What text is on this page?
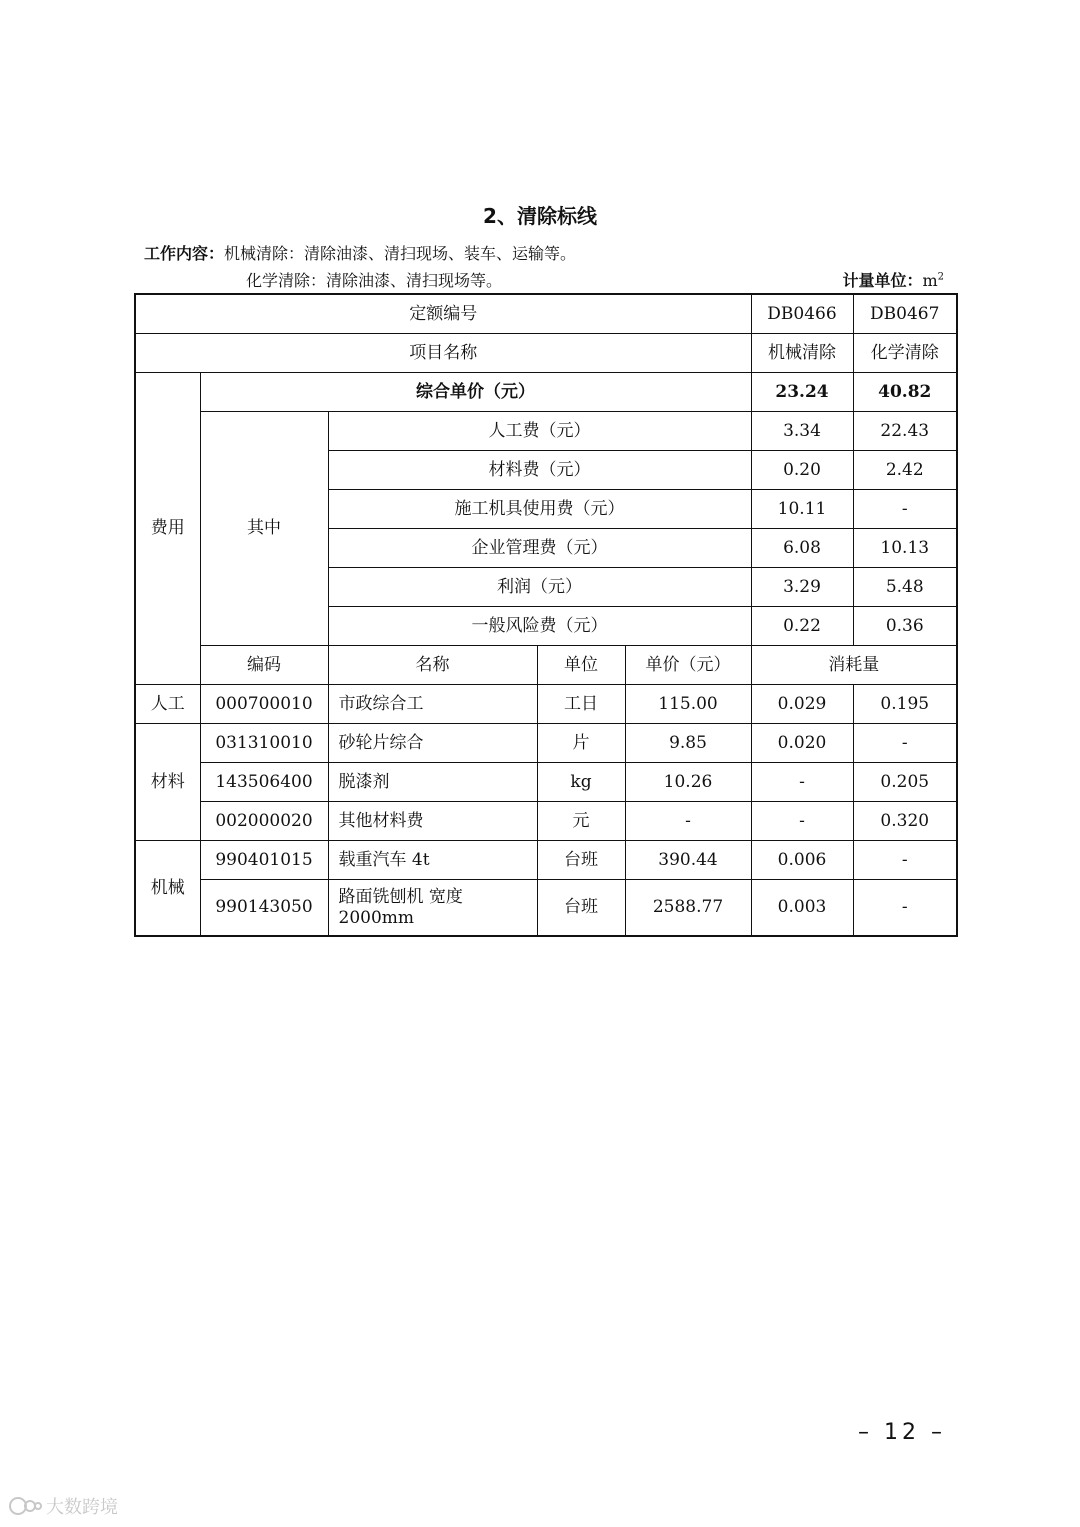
2、清除标线
工作内容：机械清除：清除油漆、清扫现场、装车、运输等。
化学清除：清除油漆、清扫现场等。	计量单位：$m^2$
定额编号					DB0466	DB0467
项目名称					机械清除	化学清除
费用	综合单价（元）				23.24	40.82
	其中	人工费（元）			3.34	22.43
		材料费（元）			0.20	2.42
		施工机具使用费（元）			10.11	-
		企业管理费（元）			6.08	10.13
		利润（元）			3.29	5.48
		一般风险费（元）			0.22	0.36
	编码	名称	单位	单价（元）	消耗量	
人工	000700010	市政综合工	工日	115.00	0.029	0.195
材料	031310010	砂轮片综合	片	9.85	0.020	-
	143506400	脱漆剂	kg	10.26	-	0.205
	002000020	其他材料费	元	-	-	0.320
机械	990401015	载重汽车 4t	台班	390.44	0.006	-
	990143050	路面铣刨机 宽度2000mm	台班	2588.77	0.003	-
– 12 –
大数跨境
